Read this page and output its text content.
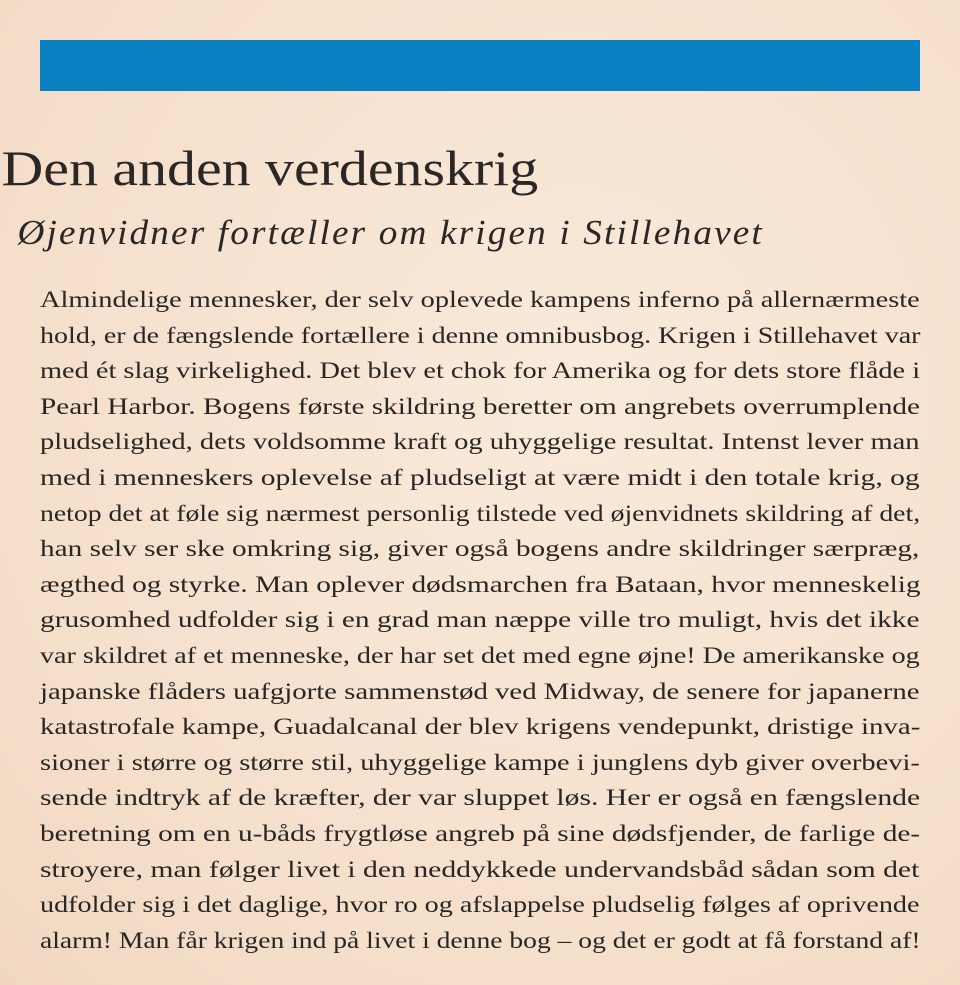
Den anden verdenskrig
Øjenvidner fortæller om krigen i Stillehavet
Almindelige mennesker, der selv oplevede kampens inferno på allernærmeste
hold, er de fængslende fortællere i denne omnibusbog. Krigen i Stillehavet var
med ét slag virkelighed. Det blev et chok for Amerika og for dets store flåde i
Pearl Harbor. Bogens første skildring beretter om angrebets overrumplende
pludselighed, dets voldsomme kraft og uhyggelige resultat. Intenst lever man
med i menneskers oplevelse af pludseligt at være midt i den totale krig, og
netop det at føle sig nærmest personlig tilstede ved øjenvidnets skildring af det,
han selv ser ske omkring sig, giver også bogens andre skildringer særpræg,
ægthed og styrke. Man oplever dødsmarchen fra Bataan, hvor menneskelig
grusomhed udfolder sig i en grad man næppe ville tro muligt, hvis det ikke
var skildret af et menneske, der har set det med egne øjne! De amerikanske og
japanske flåders uafgjorte sammenstød ved Midway, de senere for japanerne
katastrofale kampe, Guadalcanal der blev krigens vendepunkt, dristige inva-
sioner i større og større stil, uhyggelige kampe i junglens dyb giver overbevi-
sende indtryk af de kræfter, der var sluppet løs. Her er også en fængslende
beretning om en u-båds frygtløse angreb på sine dødsfjender, de farlige de-
stroyere, man følger livet i den neddykkede undervandsbåd sådan som det
udfolder sig i det daglige, hvor ro og afslappelse pludselig følges af oprivende
alarm! Man får krigen ind på livet i denne bog – og det er godt at få forstand af!
